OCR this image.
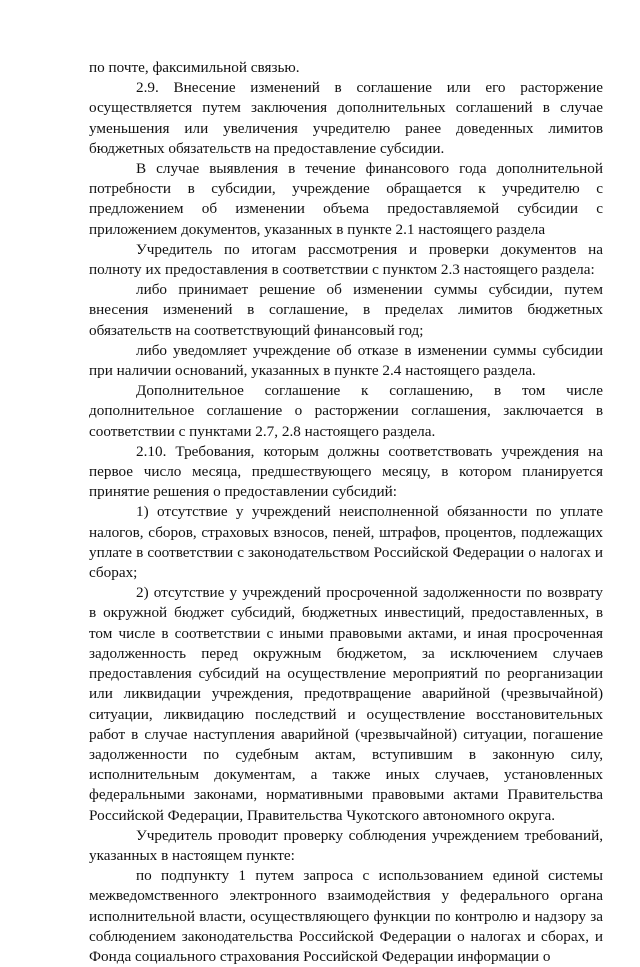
по почте, факсимильной связью.

2.9. Внесение изменений в соглашение или его расторжение осуществляется путем заключения дополнительных соглашений в случае уменьшения или увеличения учредителю ранее доведенных лимитов бюджетных обязательств на предоставление субсидии.

В случае выявления в течение финансового года дополнительной потребности в субсидии, учреждение обращается к учредителю с предложением об изменении объема предоставляемой субсидии с приложением документов, указанных в пункте 2.1 настоящего раздела

Учредитель по итогам рассмотрения и проверки документов на полноту их предоставления в соответствии с пунктом 2.3 настоящего раздела:

либо принимает решение об изменении суммы субсидии, путем внесения изменений в соглашение, в пределах лимитов бюджетных обязательств на соответствующий финансовый год;

либо уведомляет учреждение об отказе в изменении суммы субсидии при наличии оснований, указанных в пункте 2.4 настоящего раздела.

Дополнительное соглашение к соглашению, в том числе дополнительное соглашение о расторжении соглашения, заключается в соответствии с пунктами 2.7, 2.8 настоящего раздела.

2.10. Требования, которым должны соответствовать учреждения на первое число месяца, предшествующего месяцу, в котором планируется принятие решения о предоставлении субсидий:

1) отсутствие у учреждений неисполненной обязанности по уплате налогов, сборов, страховых взносов, пеней, штрафов, процентов, подлежащих уплате в соответствии с законодательством Российской Федерации о налогах и сборах;

2) отсутствие у учреждений просроченной задолженности по возврату в окружной бюджет субсидий, бюджетных инвестиций, предоставленных, в том числе в соответствии с иными правовыми актами, и иная просроченная задолженность перед окружным бюджетом, за исключением случаев предоставления субсидий на осуществление мероприятий по реорганизации или ликвидации учреждения, предотвращение аварийной (чрезвычайной) ситуации, ликвидацию последствий и осуществление восстановительных работ в случае наступления аварийной (чрезвычайной) ситуации, погашение задолженности по судебным актам, вступившим в законную силу, исполнительным документам, а также иных случаев, установленных федеральными законами, нормативными правовыми актами Правительства Российской Федерации, Правительства Чукотского автономного округа.

Учредитель проводит проверку соблюдения учреждением требований, указанных в настоящем пункте:

по подпункту 1 путем запроса с использованием единой системы межведомственного электронного взаимодействия у федерального органа исполнительной власти, осуществляющего функции по контролю и надзору за соблюдением законодательства Российской Федерации о налогах и сборах, и Фонда социального страхования Российской Федерации информации о
